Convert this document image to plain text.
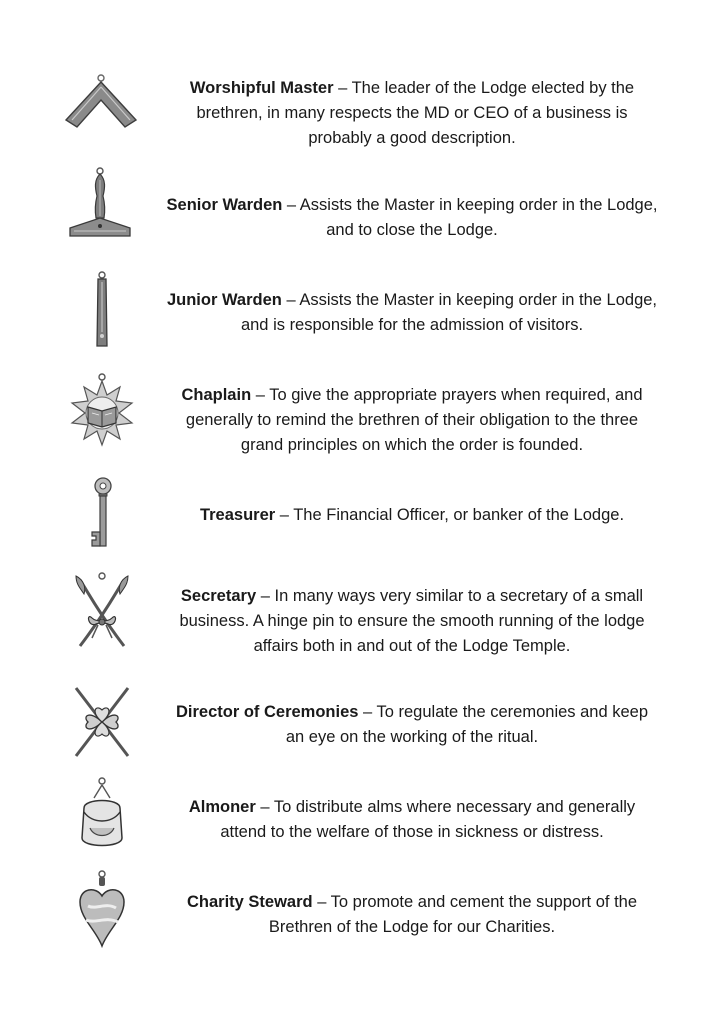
Worshipful Master – The leader of the Lodge elected by the brethren, in many respects the MD or CEO of a business is probably a good description.
Senior Warden – Assists the Master in keeping order in the Lodge, and to close the Lodge.
Junior Warden – Assists the Master in keeping order in the Lodge, and is responsible for the admission of visitors.
Chaplain – To give the appropriate prayers when required, and generally to remind the brethren of their obligation to the three grand principles on which the order is founded.
Treasurer – The Financial Officer, or banker of the Lodge.
Secretary – In many ways very similar to a secretary of a small business. A hinge pin to ensure the smooth running of the lodge affairs both in and out of the Lodge Temple.
Director of Ceremonies – To regulate the ceremonies and keep an eye on the working of the ritual.
Almoner – To distribute alms where necessary and generally attend to the welfare of those in sickness or distress.
Charity Steward – To promote and cement the support of the Brethren of the Lodge for our Charities.
